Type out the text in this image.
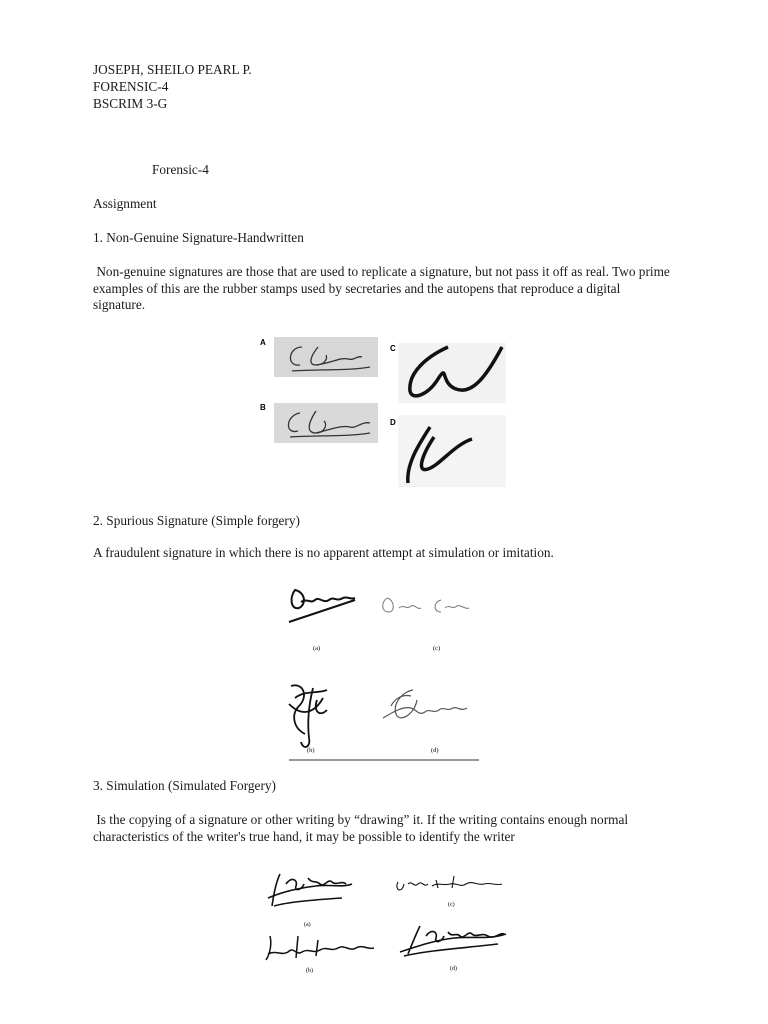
JOSEPH, SHEILO PEARL P.
FORENSIC-4
BSCRIM 3-G
Forensic-4
Assignment
1. Non-Genuine Signature-Handwritten
Non-genuine signatures are those that are used to replicate a signature, but not pass it off as real. Two prime examples of this are the rubber stamps used by secretaries and the autopens that reproduce a digital signature.
A
B
C
D
2. Spurious Signature (Simple forgery)
A fraudulent signature in which there is no apparent attempt at simulation or imitation.
(a)	(c)
(b)	(d)
3. Simulation (Simulated Forgery)
Is the copying of a signature or other writing by “drawing” it. If the writing contains enough normal characteristics of the writer's true hand, it may be possible to identify the writer
(a)
(c)
(b)	(d)
